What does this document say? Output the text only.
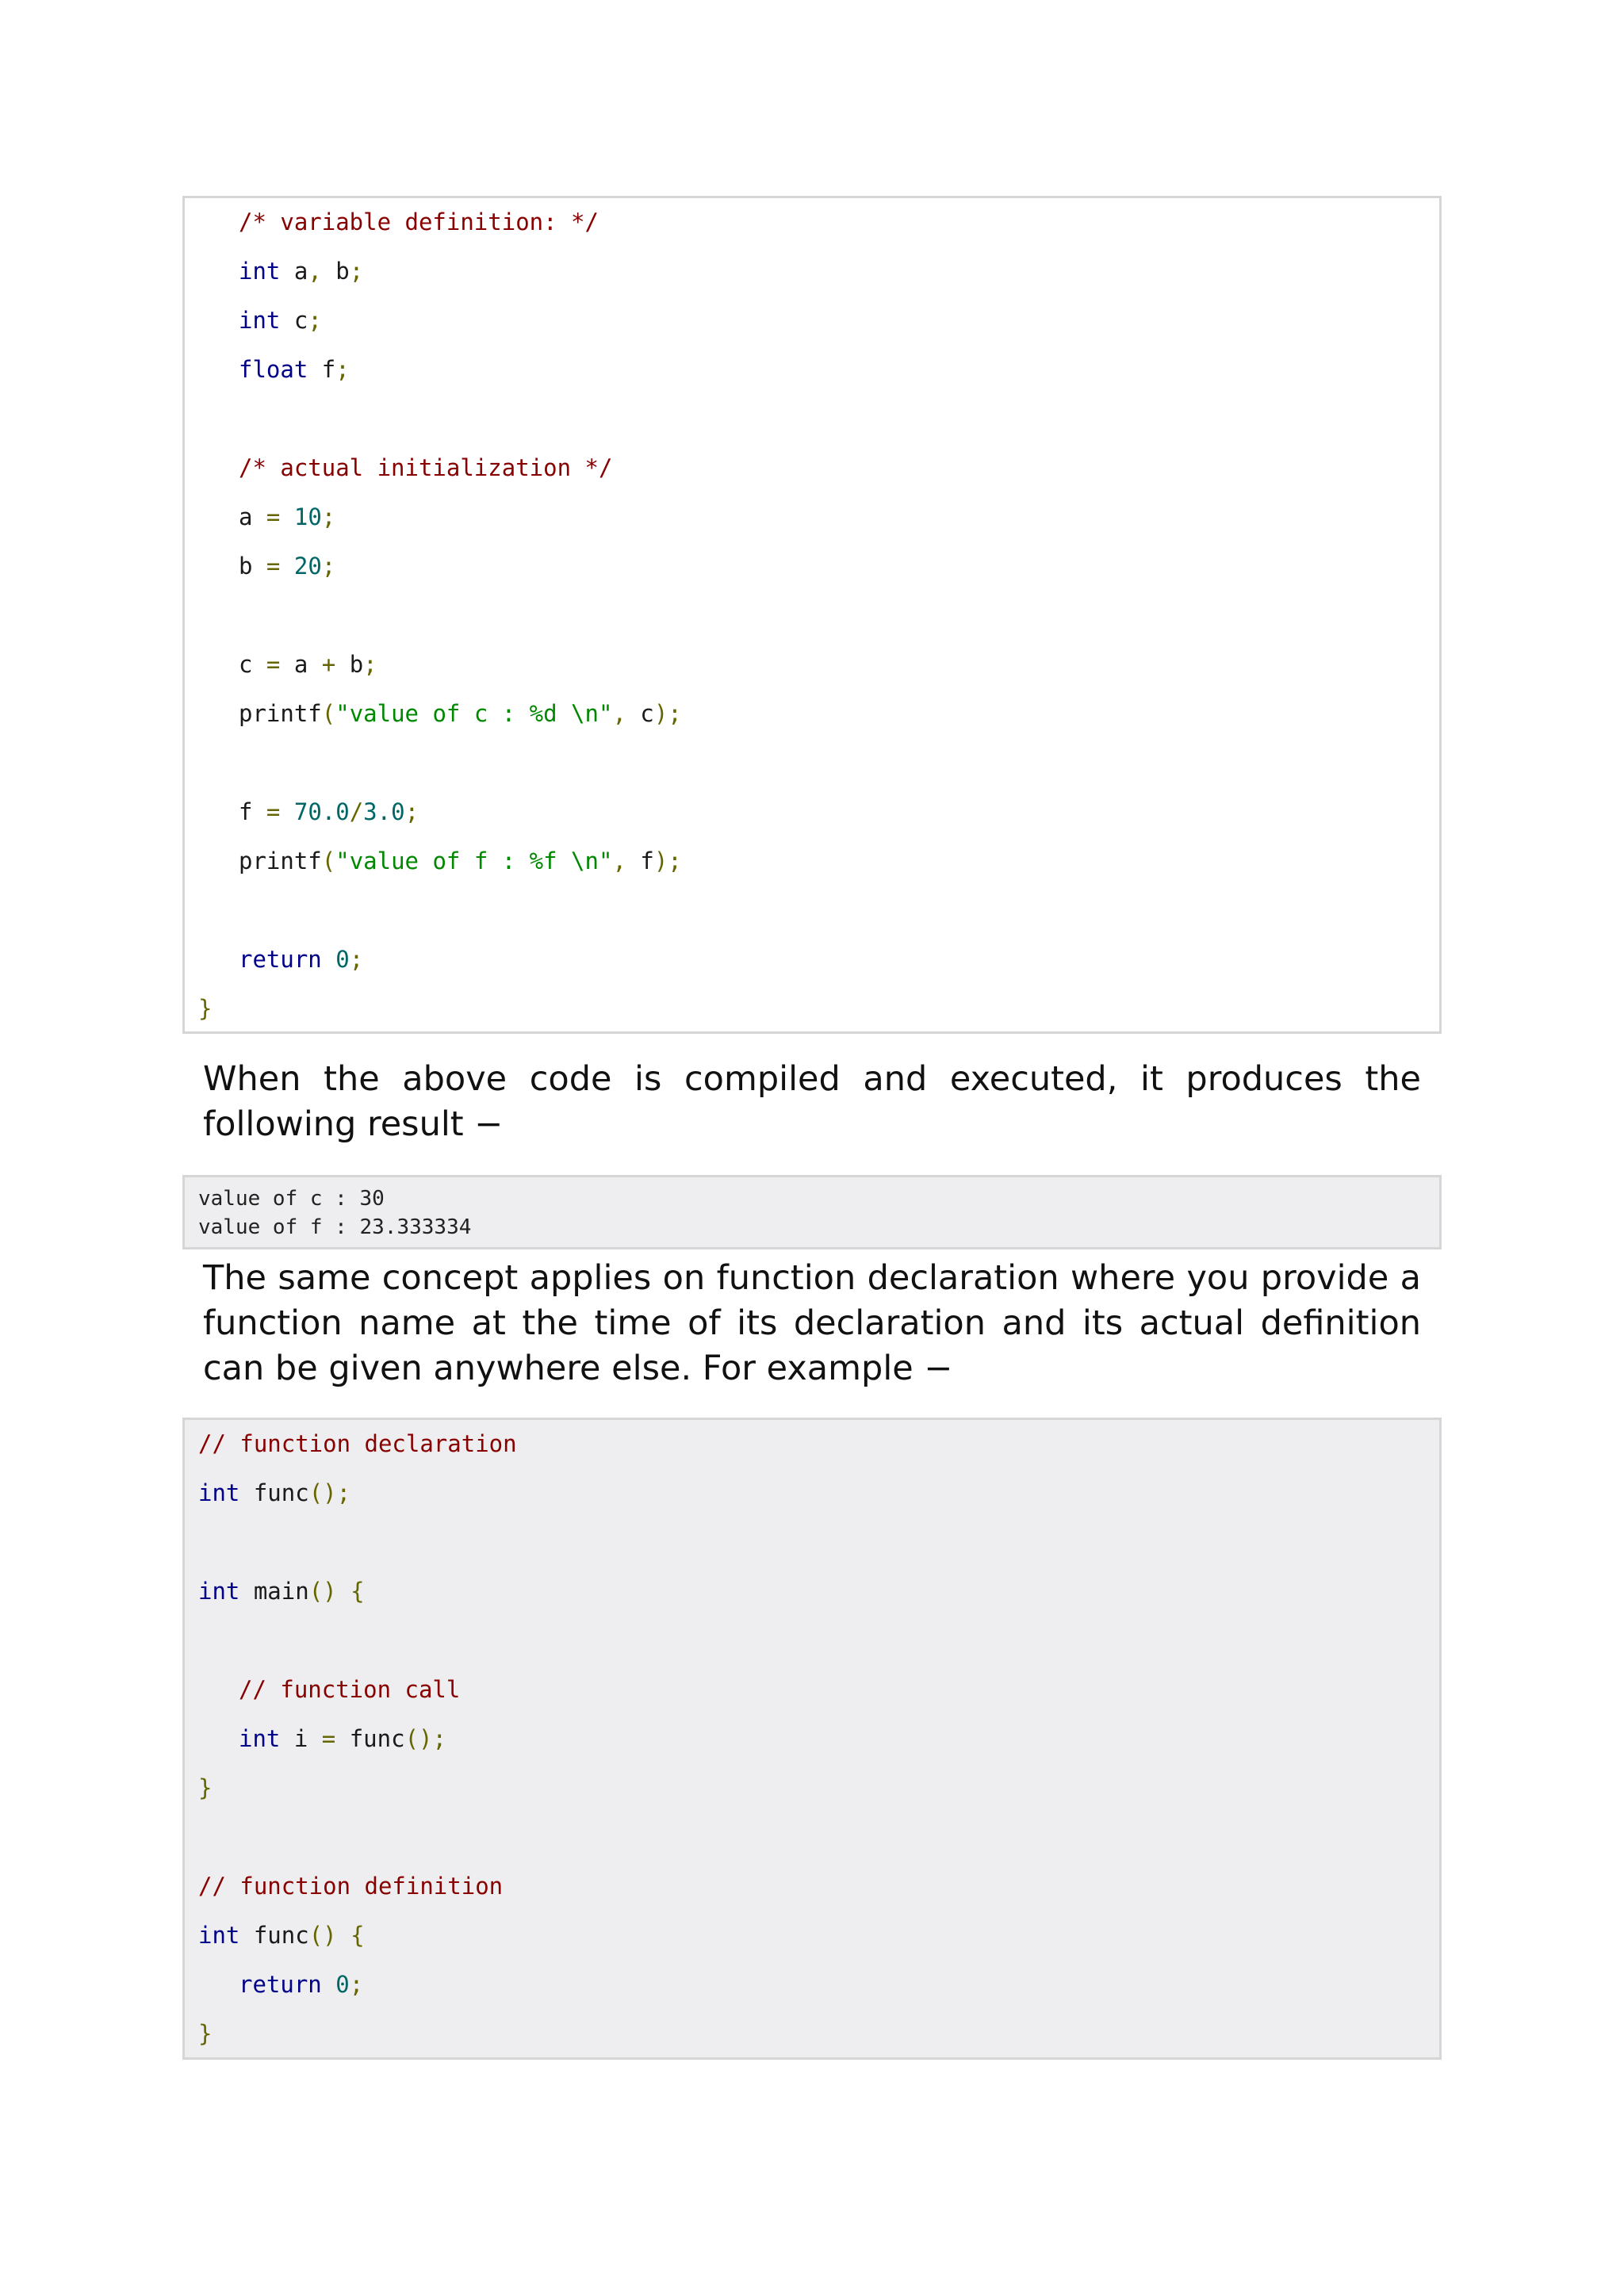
/* variable definition: */
int a, b;
int c;
float f;
/* actual initialization */
a = 10;
b = 20;
c = a + b;
printf("value of c : %d \n", c);
f = 70.0/3.0;
printf("value of f : %f \n", f);
return 0;
}
When the above code is compiled and executed, it produces the following result −
value of c : 30
value of f : 23.333334
The same concept applies on function declaration where you provide a function name at the time of its declaration and its actual definition can be given anywhere else. For example −
// function declaration
int func();
int main() {
// function call
int i = func();
}
// function definition
int func() {
return 0;
}
